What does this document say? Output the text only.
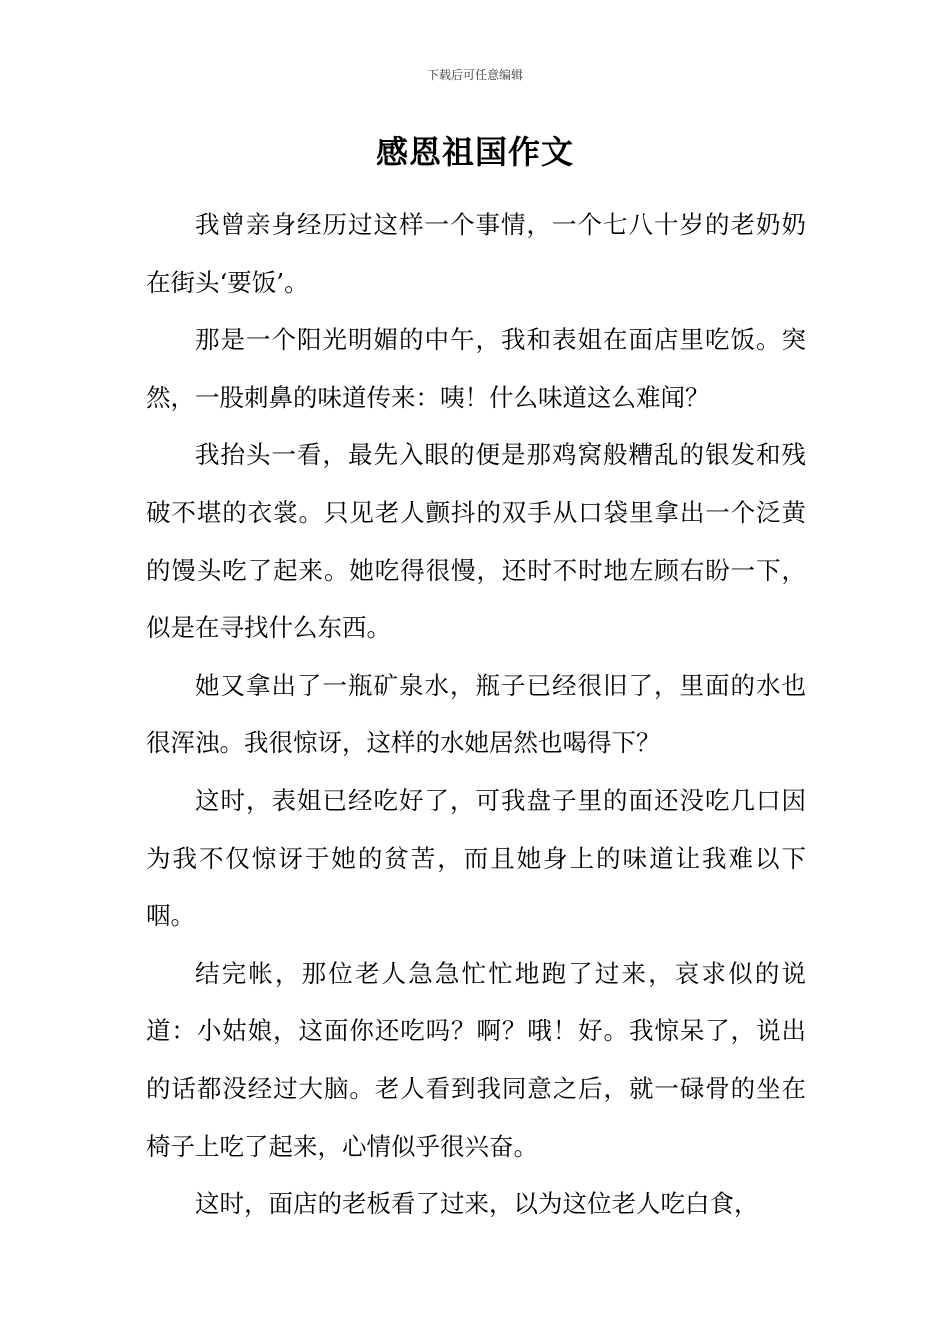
下载后可任意编辑
感恩祖国作文

我曾亲身经历过这样一个事情，一个七八十岁的老奶奶在街头‘要饭’。

那是一个阳光明媚的中午，我和表姐在面店里吃饭。突然，一股刺鼻的味道传来：咦！什么味道这么难闻？

我抬头一看，最先入眼的便是那鸡窝般糟乱的银发和残破不堪的衣裳。只见老人颤抖的双手从口袋里拿出一个泛黄的馒头吃了起来。她吃得很慢，还时不时地左顾右盼一下，似是在寻找什么东西。

她又拿出了一瓶矿泉水，瓶子已经很旧了，里面的水也很浑浊。我很惊讶，这样的水她居然也喝得下？

这时，表姐已经吃好了，可我盘子里的面还没吃几口因为我不仅惊讶于她的贫苦，而且她身上的味道让我难以下咽。

结完帐，那位老人急急忙忙地跑了过来，哀求似的说道：小姑娘，这面你还吃吗？啊？哦！好。我惊呆了，说出的话都没经过大脑。老人看到我同意之后，就一碌骨的坐在椅子上吃了起来，心情似乎很兴奋。

这时，面店的老板看了过来，以为这位老人吃白食，
